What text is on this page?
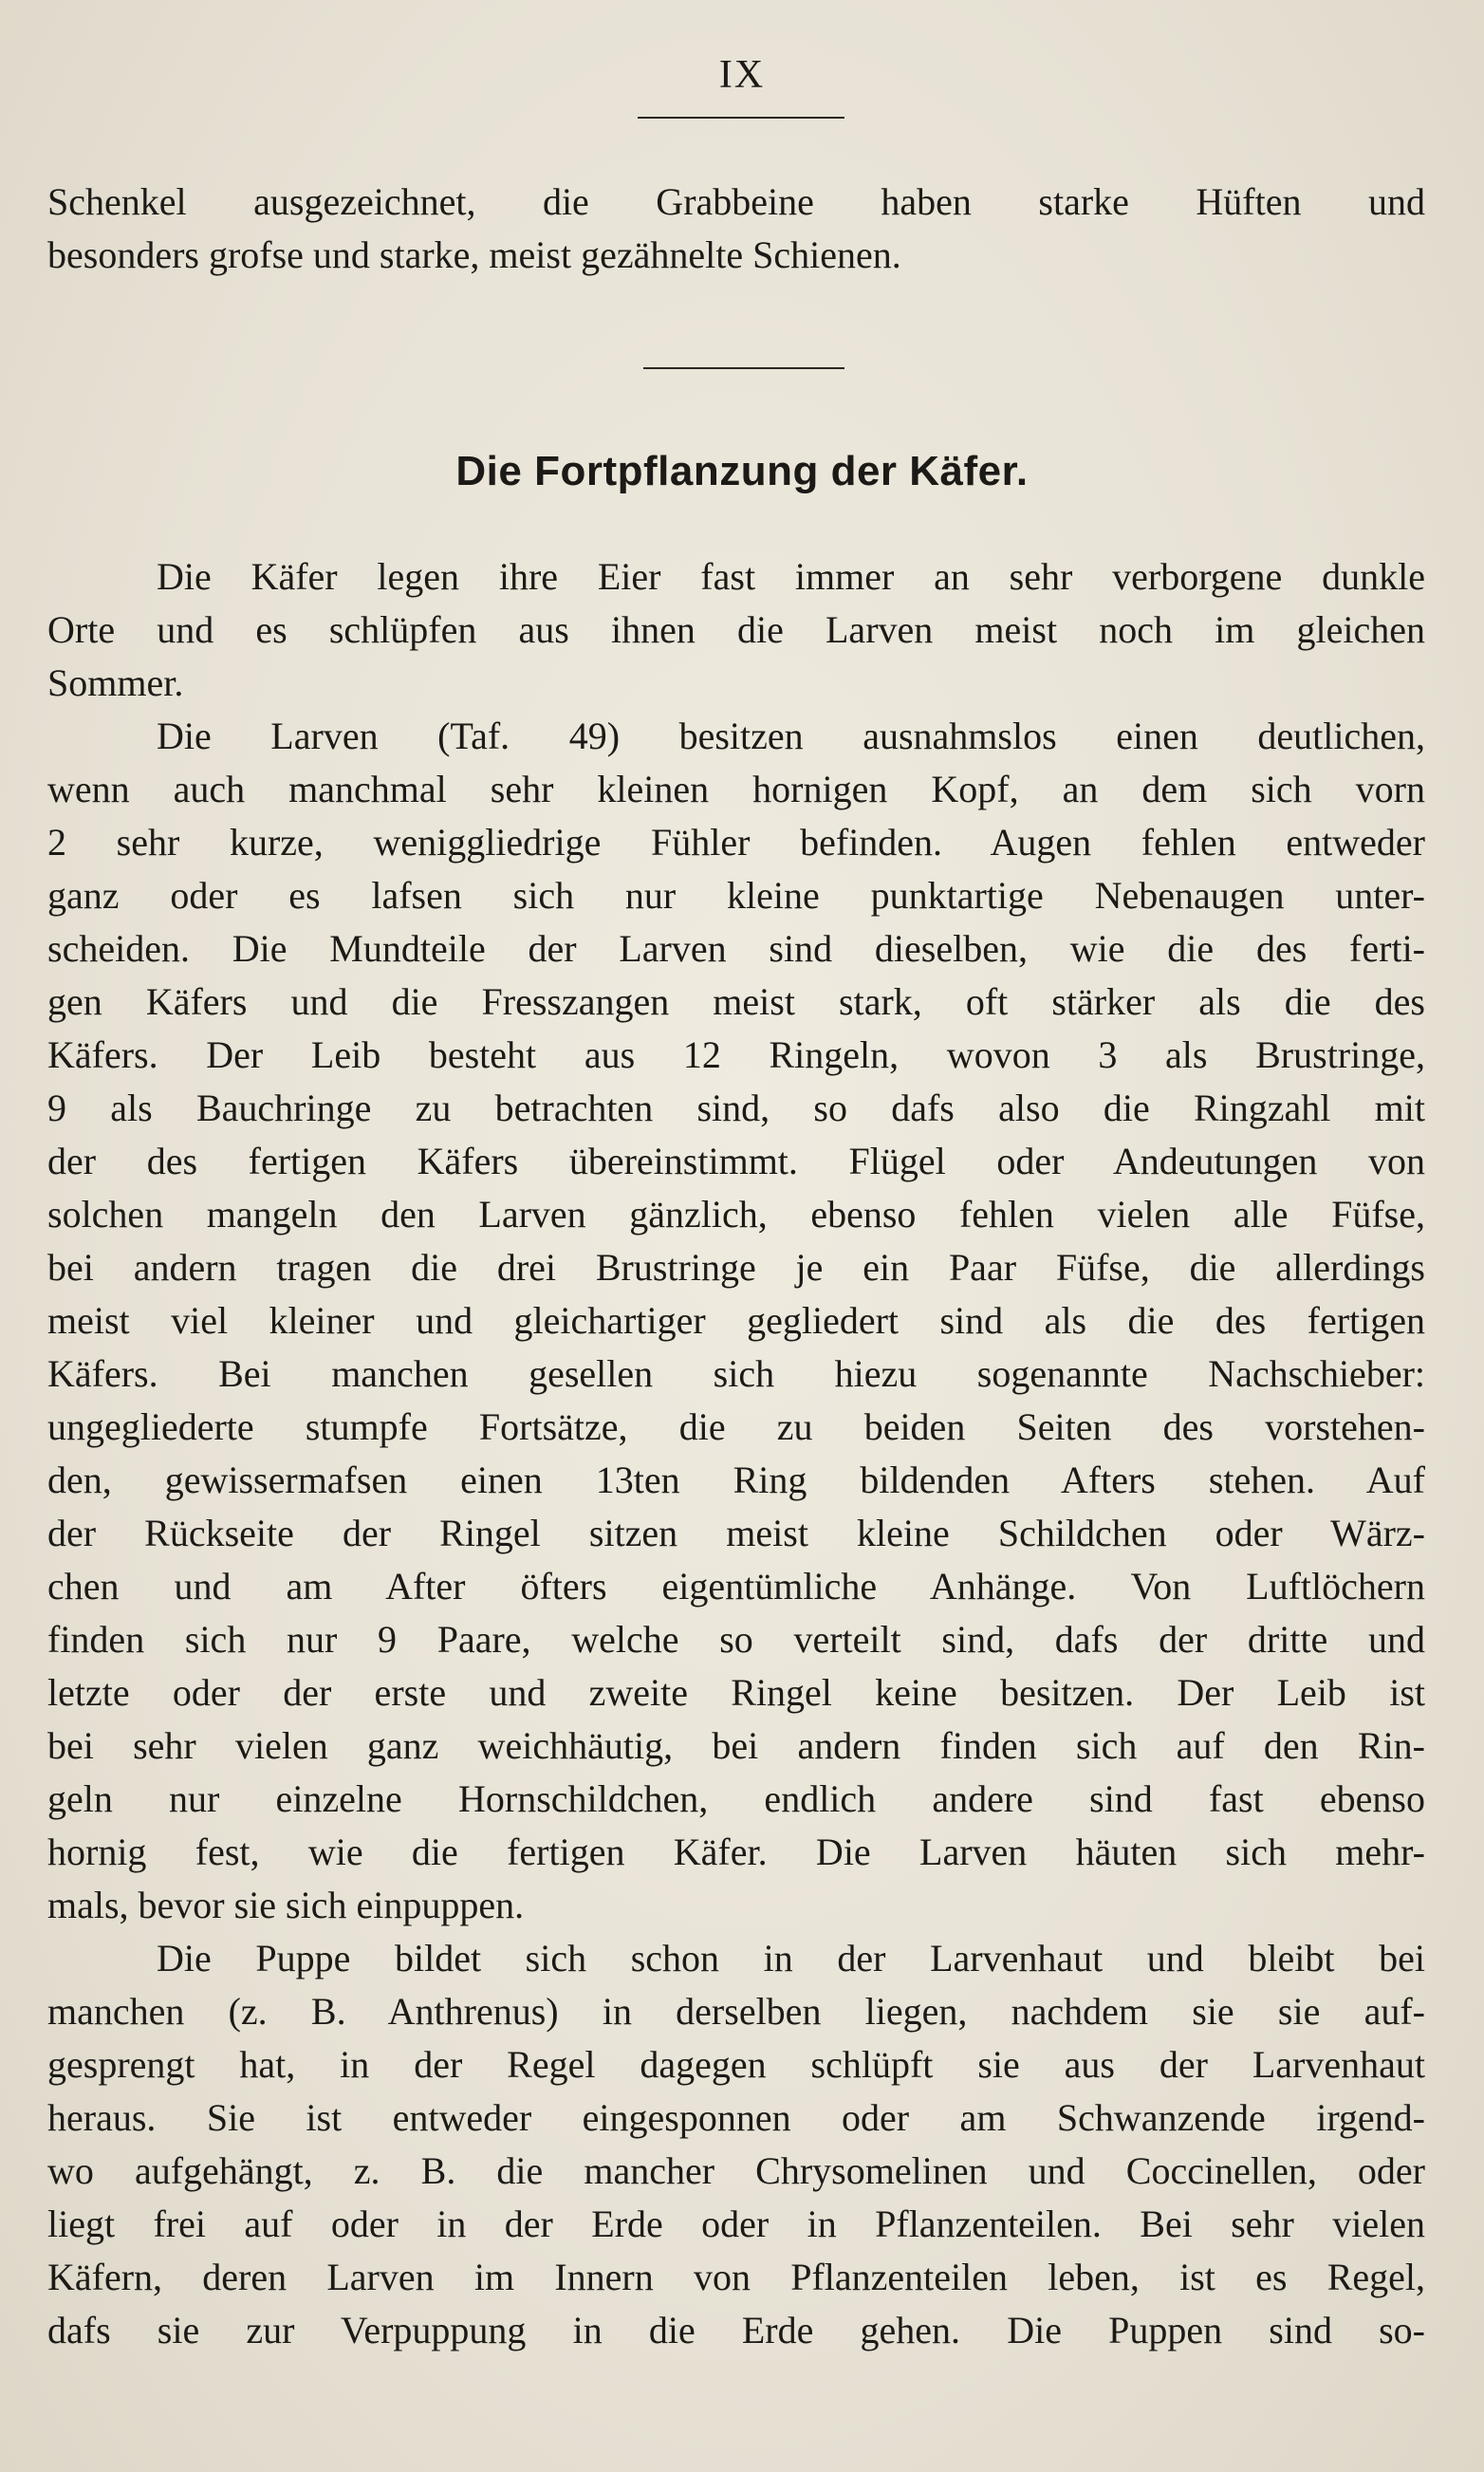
IX
Schenkel ausgezeichnet, die Grabbeine haben starke Hüften und
besonders grofse und starke, meist gezähnelte Schienen.
Die Fortpflanzung der Käfer.
Die Käfer legen ihre Eier fast immer an sehr verborgene dunkle
Orte und es schlüpfen aus ihnen die Larven meist noch im gleichen
Sommer.
Die Larven (Taf. 49) besitzen ausnahmslos einen deutlichen,
wenn auch manchmal sehr kleinen hornigen Kopf, an dem sich vorn
2 sehr kurze, weniggliedrige Fühler befinden. Augen fehlen entweder
ganz oder es lafsen sich nur kleine punktartige Nebenaugen unter-
scheiden. Die Mundteile der Larven sind dieselben, wie die des ferti-
gen Käfers und die Fresszangen meist stark, oft stärker als die des
Käfers. Der Leib besteht aus 12 Ringeln, wovon 3 als Brustringe,
9 als Bauchringe zu betrachten sind, so dafs also die Ringzahl mit
der des fertigen Käfers übereinstimmt. Flügel oder Andeutungen von
solchen mangeln den Larven gänzlich, ebenso fehlen vielen alle Füfse,
bei andern tragen die drei Brustringe je ein Paar Füfse, die allerdings
meist viel kleiner und gleichartiger gegliedert sind als die des fertigen
Käfers. Bei manchen gesellen sich hiezu sogenannte Nachschieber:
ungegliederte stumpfe Fortsätze, die zu beiden Seiten des vorstehen-
den, gewissermafsen einen 13ten Ring bildenden Afters stehen. Auf
der Rückseite der Ringel sitzen meist kleine Schildchen oder Wärz-
chen und am After öfters eigentümliche Anhänge. Von Luftlöchern
finden sich nur 9 Paare, welche so verteilt sind, dafs der dritte und
letzte oder der erste und zweite Ringel keine besitzen. Der Leib ist
bei sehr vielen ganz weichhäutig, bei andern finden sich auf den Rin-
geln nur einzelne Hornschildchen, endlich andere sind fast ebenso
hornig fest, wie die fertigen Käfer. Die Larven häuten sich mehr-
mals, bevor sie sich einpuppen.
Die Puppe bildet sich schon in der Larvenhaut und bleibt bei
manchen (z. B. Anthrenus) in derselben liegen, nachdem sie sie auf-
gesprengt hat, in der Regel dagegen schlüpft sie aus der Larvenhaut
heraus. Sie ist entweder eingesponnen oder am Schwanzende irgend-
wo aufgehängt, z. B. die mancher Chrysomelinen und Coccinellen, oder
liegt frei auf oder in der Erde oder in Pflanzenteilen. Bei sehr vielen
Käfern, deren Larven im Innern von Pflanzenteilen leben, ist es Regel,
dafs sie zur Verpuppung in die Erde gehen. Die Puppen sind so-
